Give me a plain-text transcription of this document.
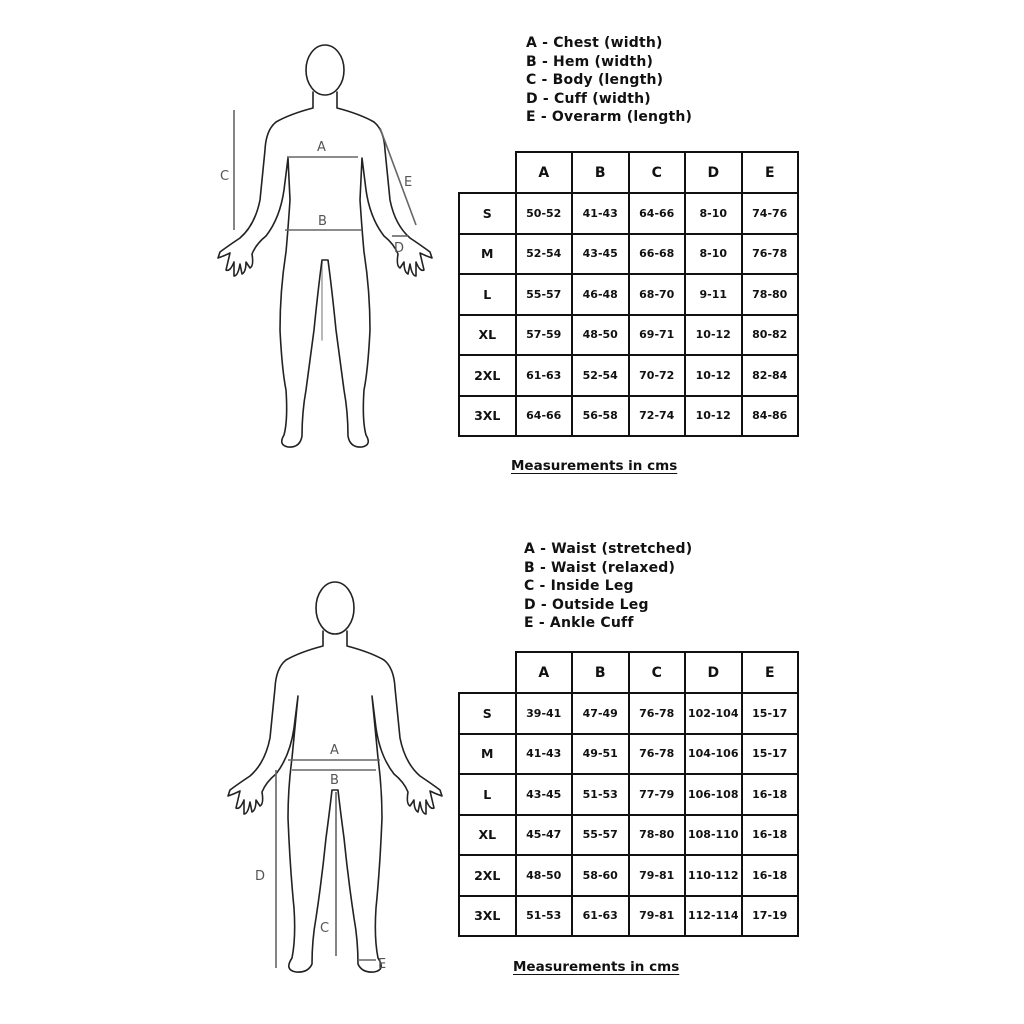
A
B
C
D
E
A - Chest (width)
B - Hem (width)
C - Body (length)
D - Cuff (width)
E - Overarm (length)
	A	B	C	D	E
S	50-52	41-43	64-66	8-10	74-76
M	52-54	43-45	66-68	8-10	76-78
L	55-57	46-48	68-70	9-11	78-80
XL	57-59	48-50	69-71	10-12	80-82
2XL	61-63	52-54	70-72	10-12	82-84
3XL	64-66	56-58	72-74	10-12	84-86
Measurements in cms
A
B
C
D
E
A - Waist (stretched)
B - Waist (relaxed)
C - Inside Leg
D - Outside Leg
E - Ankle Cuff
	A	B	C	D	E
S	39-41	47-49	76-78	102-104	15-17
M	41-43	49-51	76-78	104-106	15-17
L	43-45	51-53	77-79	106-108	16-18
XL	45-47	55-57	78-80	108-110	16-18
2XL	48-50	58-60	79-81	110-112	16-18
3XL	51-53	61-63	79-81	112-114	17-19
Measurements in cms
